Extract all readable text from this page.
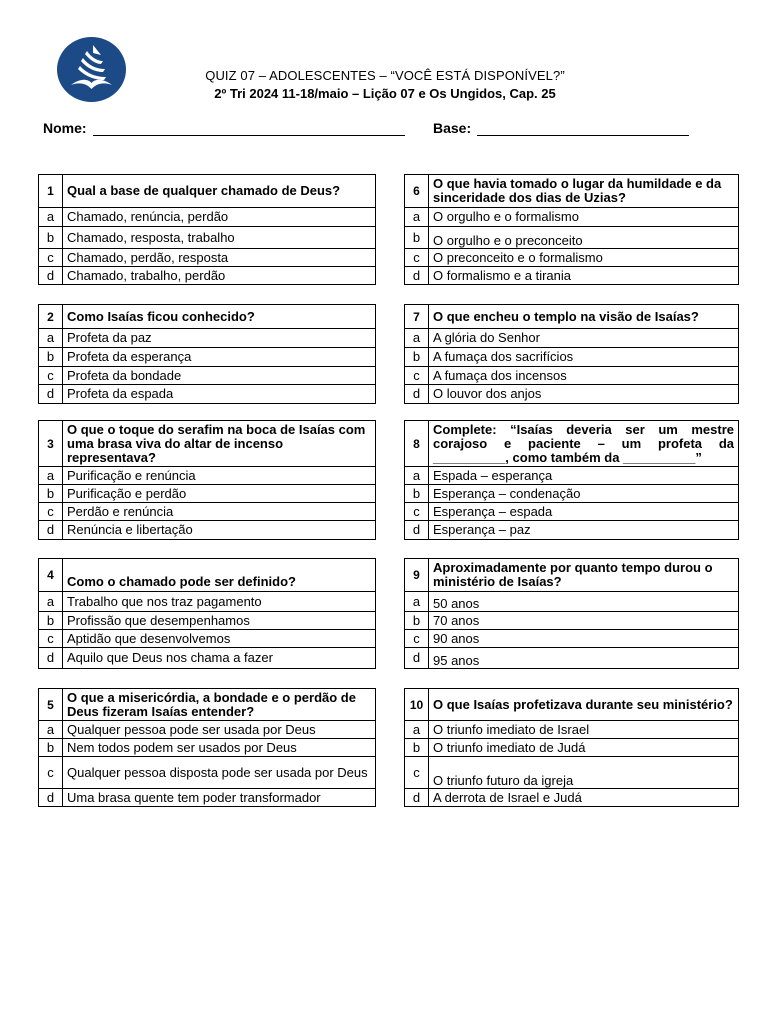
QUIZ 07 – ADOLESCENTES – “VOCÊ ESTÁ DISPONÍVEL?”
2º Tri 2024 11-18/maio – Lição 07 e Os Ungidos, Cap. 25
Nome:	Base:
1	Qual a base de qualquer chamado de Deus?
a	Chamado, renúncia, perdão
b	Chamado, resposta, trabalho
c	Chamado, perdão, resposta
d	Chamado, trabalho, perdão
2	Como Isaías ficou conhecido?
a	Profeta da paz
b	Profeta da esperança
c	Profeta da bondade
d	Profeta da espada
3	O que o toque do serafim na boca de Isaías com uma brasa viva do altar de incenso representava?
a	Purificação e renúncia
b	Purificação e perdão
c	Perdão e renúncia
d	Renúncia e libertação
4	Como o chamado pode ser definido?
a	Trabalho que nos traz pagamento
b	Profissão que desempenhamos
c	Aptidão que desenvolvemos
d	Aquilo que Deus nos chama a fazer
5	O que a misericórdia, a bondade e o perdão de Deus fizeram Isaías entender?
a	Qualquer pessoa pode ser usada por Deus
b	Nem todos podem ser usados por Deus
c	Qualquer pessoa disposta pode ser usada por Deus
d	Uma brasa quente tem poder transformador
6	O que havia tomado o lugar da humildade e da sinceridade dos dias de Uzias?
a	O orgulho e o formalismo
b	O orgulho e o preconceito
c	O preconceito e o formalismo
d	O formalismo e a tirania
7	O que encheu o templo na visão de Isaías?
a	A glória do Senhor
b	A fumaça dos sacrifícios
c	A fumaça dos incensos
d	O louvor dos anjos
8	Complete: “Isaías deveria ser um mestre corajoso e paciente – um profeta da __________, como também da __________”
a	Espada – esperança
b	Esperança – condenação
c	Esperança – espada
d	Esperança – paz
9	Aproximadamente por quanto tempo durou o ministério de Isaías?
a	50 anos
b	70 anos
c	90 anos
d	95 anos
10	O que Isaías profetizava durante seu ministério?
a	O triunfo imediato de Israel
b	O triunfo imediato de Judá
c	O triunfo futuro da igreja
d	A derrota de Israel e Judá
